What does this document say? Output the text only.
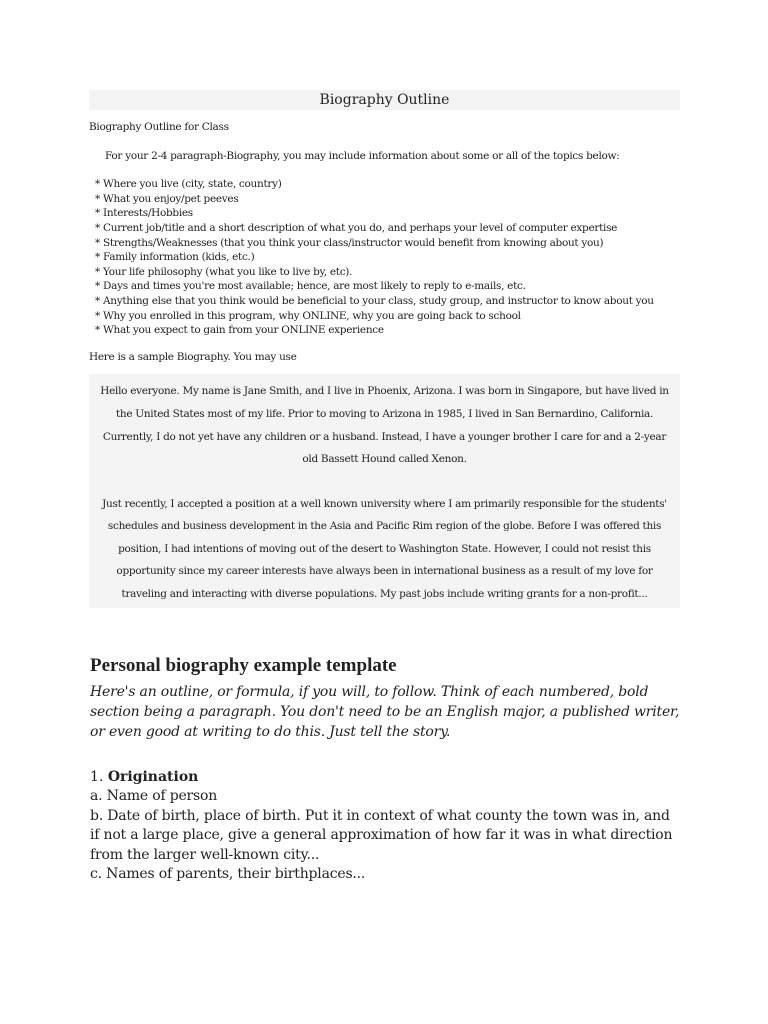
Biography Outline
Biography Outline for Class
For your 2-4 paragraph-Biography, you may include information about some or all of the topics below:
* Where you live (city, state, country)
* What you enjoy/pet peeves
* Interests/Hobbies
* Current job/title and a short description of what you do, and perhaps your level of computer expertise
* Strengths/Weaknesses (that you think your class/instructor would benefit from knowing about you)
* Family information (kids, etc.)
* Your life philosophy (what you like to live by, etc).
* Days and times you're most available; hence, are most likely to reply to e-mails, etc.
* Anything else that you think would be beneficial to your class, study group, and instructor to know about you
* Why you enrolled in this program, why ONLINE, why you are going back to school
* What you expect to gain from your ONLINE experience
Here is a sample Biography. You may use

Hello everyone. My name is Jane Smith, and I live in Phoenix, Arizona. I was born in Singapore, but have lived in the United States most of my life. Prior to moving to Arizona in 1985, I lived in San Bernardino, California. Currently, I do not yet have any children or a husband. Instead, I have a younger brother I care for and a 2-year old Bassett Hound called Xenon.

Just recently, I accepted a position at a well known university where I am primarily responsible for the students' schedules and business development in the Asia and Pacific Rim region of the globe. Before I was offered this position, I had intentions of moving out of the desert to Washington State. However, I could not resist this opportunity since my career interests have always been in international business as a result of my love for traveling and interacting with diverse populations. My past jobs include writing grants for a non-profit...

Personal biography example template
Here's an outline, or formula, if you will, to follow. Think of each numbered, bold section being a paragraph. You don't need to be an English major, a published writer, or even good at writing to do this. Just tell the story.
1. Origination
a. Name of person
b. Date of birth, place of birth. Put it in context of what county the town was in, and if not a large place, give a general approximation of how far it was in what direction from the larger well-known city...
c. Names of parents, their birthplaces...
